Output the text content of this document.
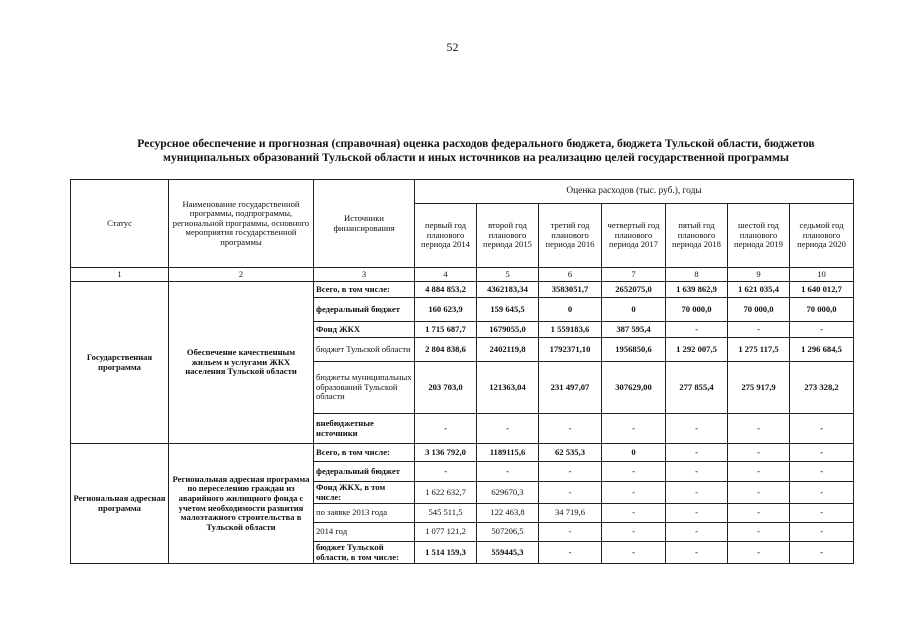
52
Ресурсное обеспечение и прогнозная (справочная) оценка расходов федерального бюджета, бюджета Тульской области, бюджетов
муниципальных образований Тульской области и иных источников на реализацию целей государственной программы
Статус	Наименование государственной программы, подпрограммы, региональной программы, основного мероприятия государственной программы	Источники финансирования	Оценка расходов (тыс. руб.), годы						
			первый год планового периода 2014	второй год планового периода 2015	третий год планового периода 2016	четвертый год планового периода 2017	пятый год планового периода 2018	шестой год планового периода 2019	седьмой год планового периода 2020
1	2	3	4	5	6	7	8	9	10
Государственная программа	Обеспечение качественным жильем и услугами ЖКХ населения Тульской области	Всего, в том числе:	4 884 853,2	4362183,34	3583051,7	2652075,0	1 639 862,9	1 621 035,4	1 640 012,7
		федеральный бюджет	160 623,9	159 645,5	0	0	70 000,0	70 000,0	70 000,0
		Фонд ЖКХ	1 715 687,7	1679055,0	1 559183,6	387 595,4	-	-	-
		бюджет Тульской области	2 804 838,6	2402119,8	1792371,10	1956850,6	1 292 007,5	1 275 117,5	1 296 684,5
		бюджеты муниципальных образований Тульской области	203 703,0	121363,04	231 497,07	307629,00	277 855,4	275 917,9	273 328,2
		внебюджетные источники	-	-	-	-	-	-	-
Региональная адресная программа	Региональная адресная программа по переселению граждан из аварийного жилищного фонда с учетом необходимости развития малоэтажного строительства в Тульской области	Всего, в том числе:	3 136 792,0	1189115,6	62 535,3	0	-	-	-
		федеральный бюджет	-	-	-	-	-	-	-
		Фонд ЖКХ, в том числе:	1 622 632,7	629670,3	-	-	-	-	-
		по заявке 2013 года	545 511,5	122 463,8	34 719,6	-	-	-	-
		2014 год	1 077 121,2	507206,5	-	-	-	-	-
		бюджет Тульской области, в том числе:	1 514 159,3	559445,3	-	-	-	-	-
